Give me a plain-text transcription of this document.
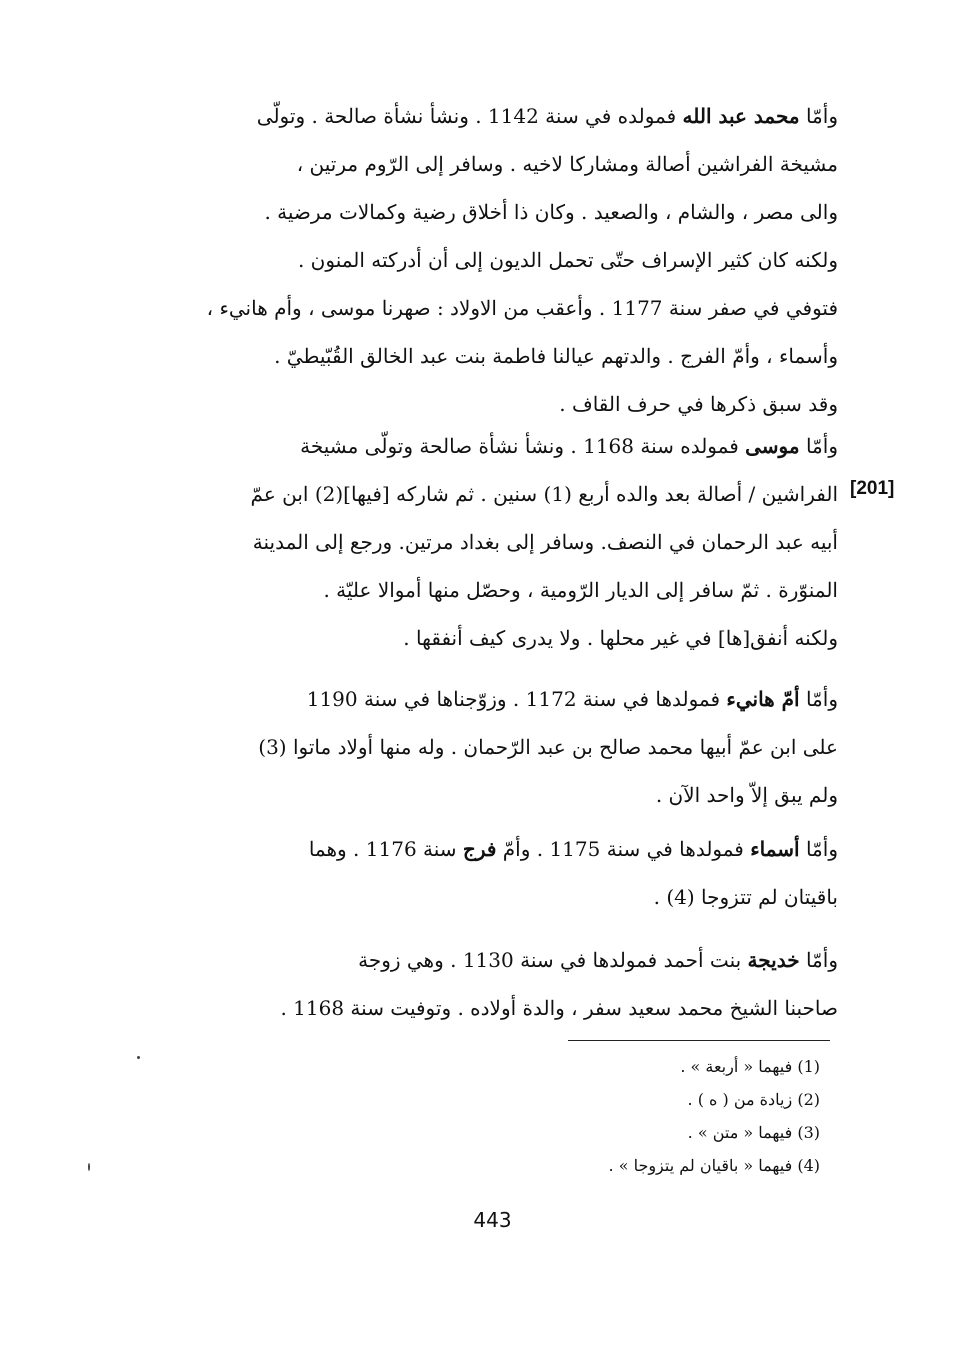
وأمّا محمد عبد الله فمولده في سنة 1142 . ونشأ نشأة صالحة . وتولّى
مشيخة الفراشين أصالة ومشاركا لاخيه . وسافر إلى الرّوم مرتين ،
والى مصر ، والشام ، والصعيد . وكان ذا أخلاق رضية وكمالات مرضية .
ولكنه كان كثير الإسراف حتّى تحمل الديون إلى أن أدركته المنون .
فتوفي في صفر سنة 1177 . وأعقب من الاولاد : صهرنا موسى ، وأم هانيء ،
وأسماء ، وأمّ الفرج . والدتهم عيالنا فاطمة بنت عبد الخالق القُبّيطيّ .
وقد سبق ذكرها في حرف القاف .
وأمّا موسى فمولده سنة 1168 . ونشأ نشأة صالحة وتولّى مشيخة
الفراشين / أصالة بعد والده أربع (1) سنين . ثم شاركه [فيها](2) ابن عمّ
أبيه عبد الرحمان في النصف. وسافر إلى بغداد مرتين. ورجع إلى المدينة
المنوّرة . ثمّ سافر إلى الديار الرّومية ، وحصّل منها أموالا عليّة .
ولكنه أنفق[ها] في غير محلها . ولا يدرى كيف أنفقها .
[201]
وأمّا أمّ هانيء فمولدها في سنة 1172 . وزوّجناها في سنة 1190
على ابن عمّ أبيها محمد صالح بن عبد الرّحمان . وله منها أولاد ماتوا (3)
ولم يبق إلاّ واحد الآن .
وأمّا أسماء فمولدها في سنة 1175 . وأمّ فرج سنة 1176 . وهما
باقيتان لم تتزوجا (4) .
وأمّا خديجة بنت أحمد فمولدها في سنة 1130 . وهي زوجة
صاحبنا الشيخ محمد سعيد سفر ، والدة أولاده . وتوفيت سنة 1168 .
(1) فيهما « أربعة » .
(2) زيادة من ( ه ) .
(3) فيهما « متن » .
(4) فيهما « باقيان لم يتزوجا » .
443
